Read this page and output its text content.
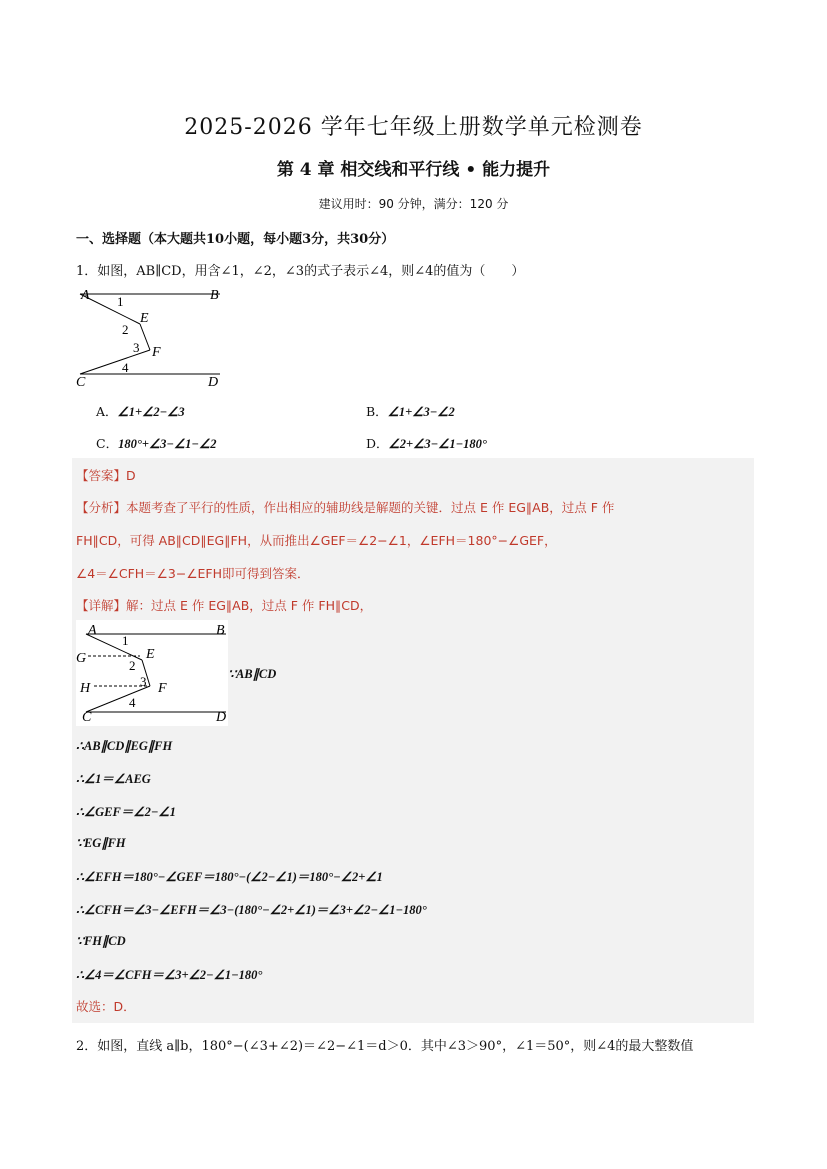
2025-2026 学年七年级上册数学单元检测卷
第 4 章 相交线和平行线 • 能力提升
建议用时：90 分钟，满分：120 分
一、选择题（本大题共10小题，每小题3分，共30分）
1．如图，AB∥CD，用含∠1，∠2，∠3的式子表示∠4，则∠4的值为（　　）
A	B
E
F
C	D
1
2
3
4
A．∠1+∠2−∠3	B．∠1+∠3−∠2
C．180°+∠3−∠1−∠2	D．∠2+∠3−∠1−180°
【答案】D
【分析】本题考查了平行的性质，作出相应的辅助线是解题的关键．过点 E 作 EG∥AB，过点 F 作
FH∥CD，可得 AB∥CD∥EG∥FH，从而推出∠GEF＝∠2−∠1，∠EFH＝180°−∠GEF，
∠4＝∠CFH＝∠3−∠EFH即可得到答案．
【详解】解：过点 E 作 EG∥AB，过点 F 作 FH∥CD，
A	B
G	E
H	F
C	D
1
2
3
4
∵AB∥CD
∴AB∥CD∥EG∥FH
∴∠1＝∠AEG
∴∠GEF＝∠2−∠1
∵EG∥FH
∴∠EFH＝180°−∠GEF＝180°−(∠2−∠1)＝180°−∠2+∠1
∴∠CFH＝∠3−∠EFH＝∠3−(180°−∠2+∠1)＝∠3+∠2−∠1−180°
∵FH∥CD
∴∠4＝∠CFH＝∠3+∠2−∠1−180°
故选：D．
2．如图，直线 a∥b，180°−(∠3+∠2)＝∠2−∠1＝d＞0．其中∠3＞90°，∠1＝50°，则∠4的最大整数值
